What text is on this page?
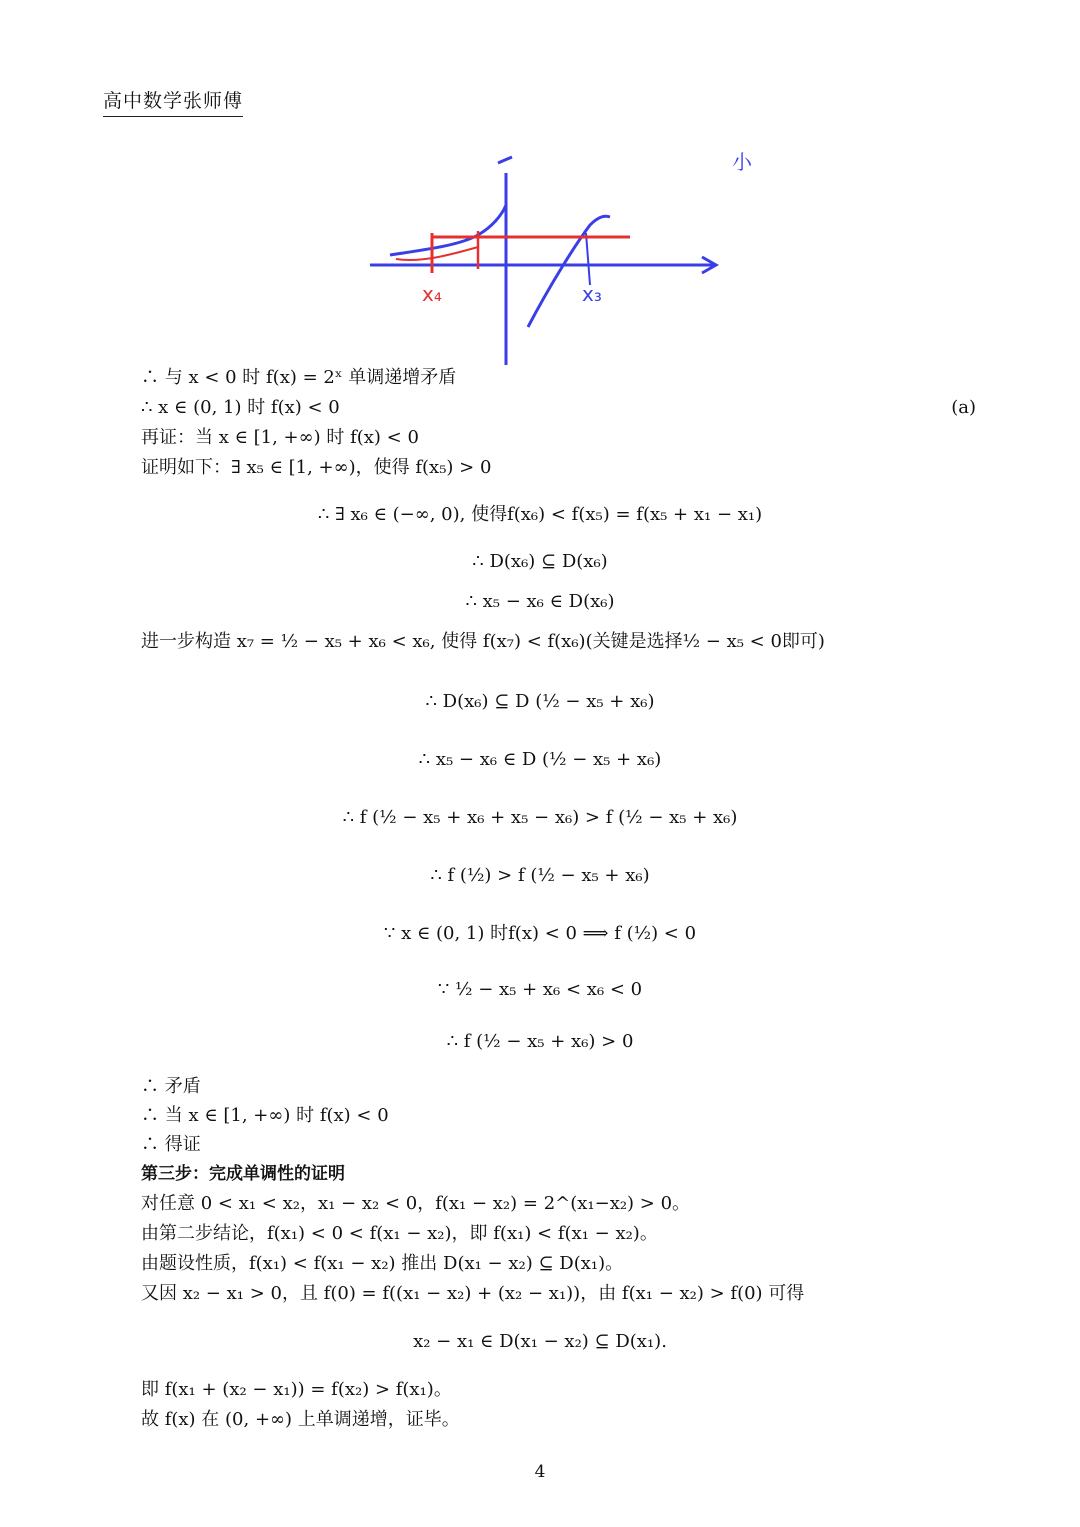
高中数学张师傅
x₄	x₃
小
∴ 与 x < 0 时 f(x) = 2ˣ 单调递增矛盾
∴ x ∈ (0, 1) 时 f(x) < 0	(a)
再证：当 x ∈ [1, +∞) 时 f(x) < 0
证明如下：∃ x₅ ∈ [1, +∞)，使得 f(x₅) > 0
∴ ∃ x₆ ∈ (−∞, 0), 使得f(x₆) < f(x₅) = f(x₅ + x₁ − x₁)
∴ D(x₆) ⊆ D(x₆)
∴ x₅ − x₆ ∈ D(x₆)
进一步构造 x₇ = ½ − x₅ + x₆ < x₆, 使得 f(x₇) < f(x₆)(关键是选择½ − x₅ < 0即可)
∴ D(x₆) ⊆ D (½ − x₅ + x₆)
∴ x₅ − x₆ ∈ D (½ − x₅ + x₆)
∴ f (½ − x₅ + x₆ + x₅ − x₆) > f (½ − x₅ + x₆)
∴ f (½) > f (½ − x₅ + x₆)
∵ x ∈ (0, 1) 时f(x) < 0 ⟹ f (½) < 0
∵ ½ − x₅ + x₆ < x₆ < 0
∴ f (½ − x₅ + x₆) > 0
∴ 矛盾
∴ 当 x ∈ [1, +∞) 时 f(x) < 0
∴ 得证
第三步：完成单调性的证明
对任意 0 < x₁ < x₂，x₁ − x₂ < 0，f(x₁ − x₂) = 2^(x₁−x₂) > 0。
由第二步结论，f(x₁) < 0 < f(x₁ − x₂)，即 f(x₁) < f(x₁ − x₂)。
由题设性质，f(x₁) < f(x₁ − x₂) 推出 D(x₁ − x₂) ⊆ D(x₁)。
又因 x₂ − x₁ > 0，且 f(0) = f((x₁ − x₂) + (x₂ − x₁))，由 f(x₁ − x₂) > f(0) 可得
x₂ − x₁ ∈ D(x₁ − x₂) ⊆ D(x₁).
即 f(x₁ + (x₂ − x₁)) = f(x₂) > f(x₁)。
故 f(x) 在 (0, +∞) 上单调递增，证毕。
4
